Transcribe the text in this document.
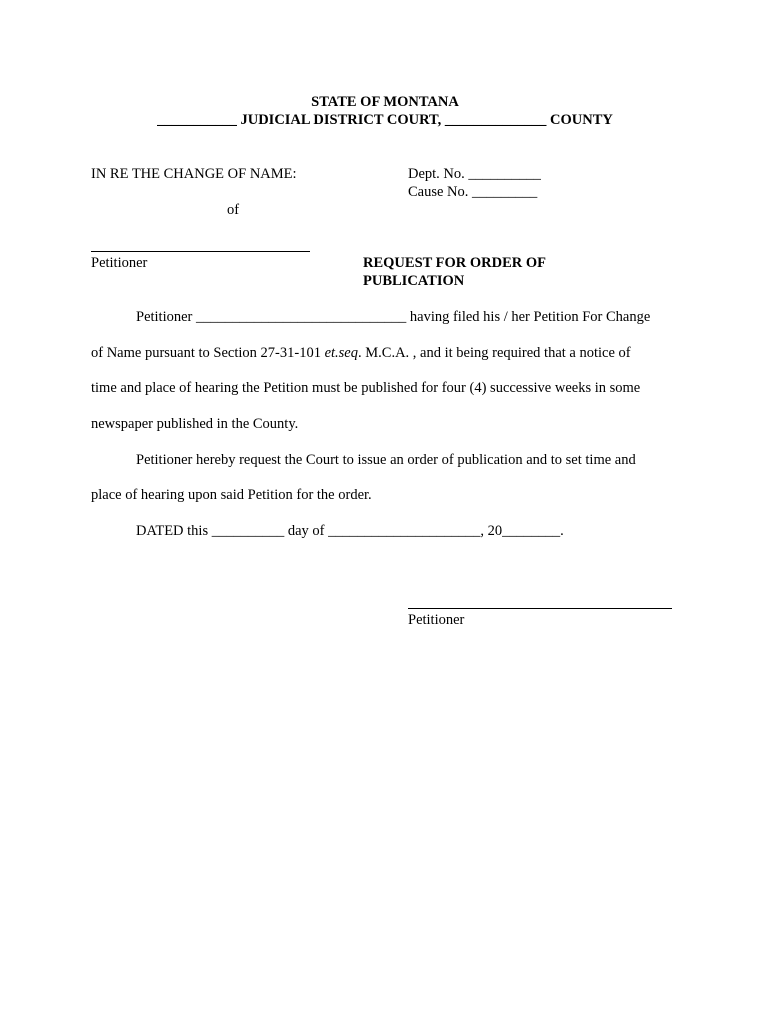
STATE OF MONTANA
___________ JUDICIAL DISTRICT COURT, ______________ COUNTY
IN RE THE CHANGE OF NAME:
of
Petitioner
Dept. No. __________
Cause No. _________
REQUEST FOR ORDER OF
PUBLICATION
Petitioner _____________________________ having filed his / her Petition For Change
of Name pursuant to Section 27-31-101 et.seq. M.C.A. , and it being required that a notice of
time and place of hearing the Petition must be published for four (4) successive weeks in some
newspaper published in the County.
Petitioner hereby request the Court to issue an order of publication and to set time and
place of hearing upon said Petition for the order.
DATED this __________ day of _____________________, 20________.
Petitioner
